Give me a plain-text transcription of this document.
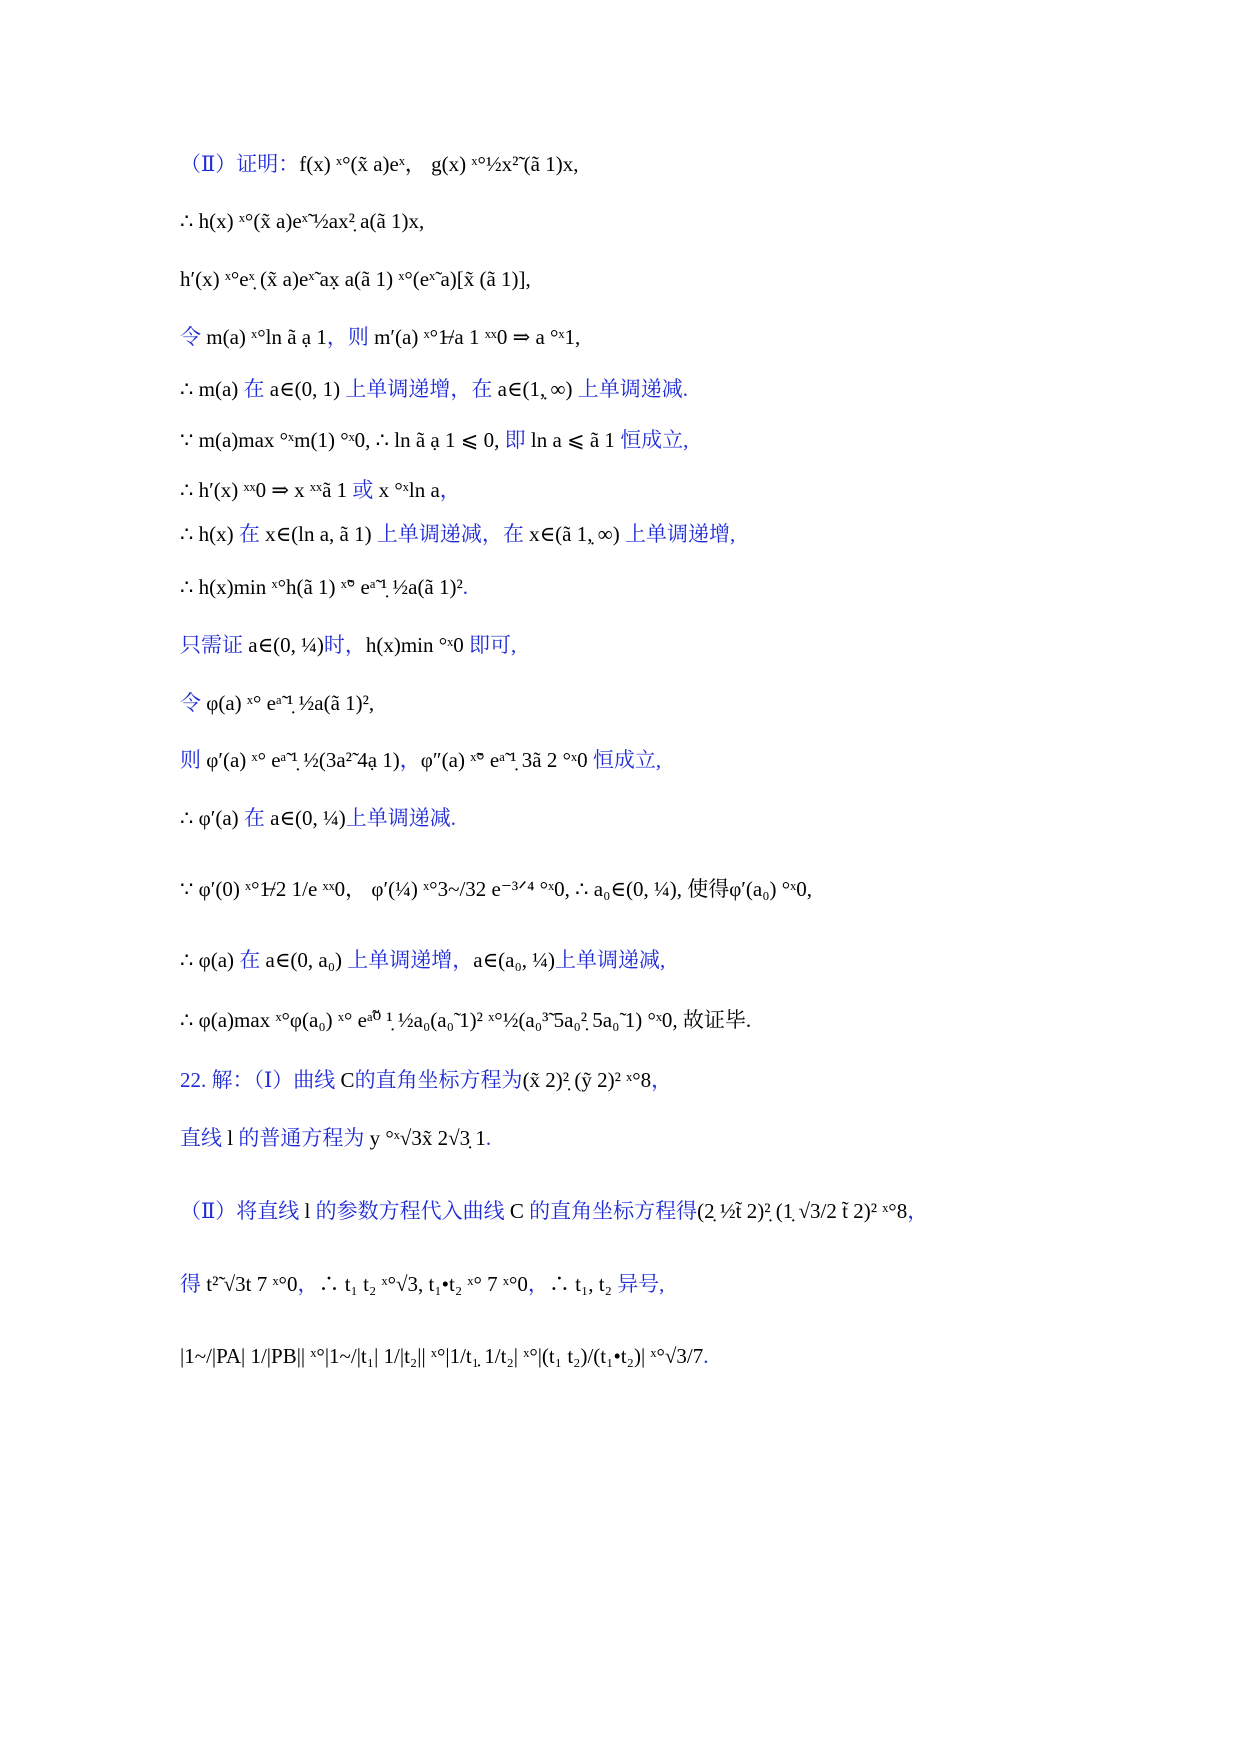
（Ⅱ）证明：f(x) ˣ°(x̃ a)eˣ， g(x) ˣ°½x²̃ (ã 1)x,
∴ h(x) ˣ°(x̃ a)eˣ̃ ½ax²̣ a(ã 1)x,
h′(x) ˣ°eˣ̣ (x̃ a)eˣ̃ ax̣ a(ã 1) ˣ°(eˣ̃ a)[x̃ (ã 1)],
令 m(a) ˣ°ln ã ạ 1，则 m′(a) ˣ°1̶/a 1 ˣˣ0 ⇒ a °ˣ1,
∴ m(a) 在 a∈(0, 1) 上单调递增，在 a∈(1,̣ ∞) 上单调递减.
∵ m(a)max °ˣm(1) °ˣ0, ∴ ln ã ạ 1 ⩽ 0, 即 ln a ⩽ ã 1 恒成立,
∴ h′(x) ˣˣ0 ⇒ x ˣˣã 1 或 x °ˣln a，
∴ h(x) 在 x∈(ln a, ã 1) 上单调递减，在 x∈(ã 1,̣ ∞) 上单调递增,
∴ h(x)min ˣ°h(ã 1) ˣ̃° eᵃ̃ ¹̣ ½a(ã 1)².
只需证 a∈(0, ¼)时，h(x)min °ˣ0 即可,
令 φ(a) ˣ° eᵃ̃ ¹̣ ½a(ã 1)²,
则 φ′(a) ˣ° eᵃ̃ ¹̣ ½(3a²̃ 4ạ 1)，φ″(a) ˣ̃° eᵃ̃ ¹̣ 3ã 2 °ˣ0 恒成立,
∴ φ′(a) 在 a∈(0, ¼)上单调递减.
∵ φ′(0) ˣ°1̶/2 1/e ˣˣ0， φ′(¼) ˣ°3~/32 e⁻³ᐟ⁴ °ˣ0, ∴ a₀∈(0, ¼), 使得φ′(a₀) °ˣ0,
∴ φ(a) 在 a∈(0, a₀) 上单调递增，a∈(a₀, ¼)上单调递减,
∴ φ(a)max ˣ°φ(a₀) ˣ° eᵃ⁰̃ ¹̣ ½a₀(a₀̃ 1)² ˣ°½(a₀³̃ 5a₀²̣ 5a₀̃ 1) °ˣ0, 故证毕.
22. 解：（Ⅰ）曲线 C的直角坐标方程为(x̃ 2)²̣ (ỹ 2)² ˣ°8，
直线 l 的普通方程为 y °ˣ√3x̃ 2√3̣ 1.
（Ⅱ）将直线 l 的参数方程代入曲线 C 的直角坐标方程得(2̣ ½t̃ 2)²̣ (1̣ √3/2 t̃ 2)² ˣ°8，
得 t²̃ √3t 7 ˣ°0，∴ t₁ t₂ ˣ°√3, t₁•t₂ ˣ° 7 ˣ°0，∴ t₁, t₂ 异号,
|1~/|PA| 1/|PB|| ˣ°|1~/|t₁| 1/|t₂|| ˣ°|1/t₁̣ 1/t₂| ˣ°|(t₁ t₂)/(t₁•t₂)| ˣ°√3/7.
